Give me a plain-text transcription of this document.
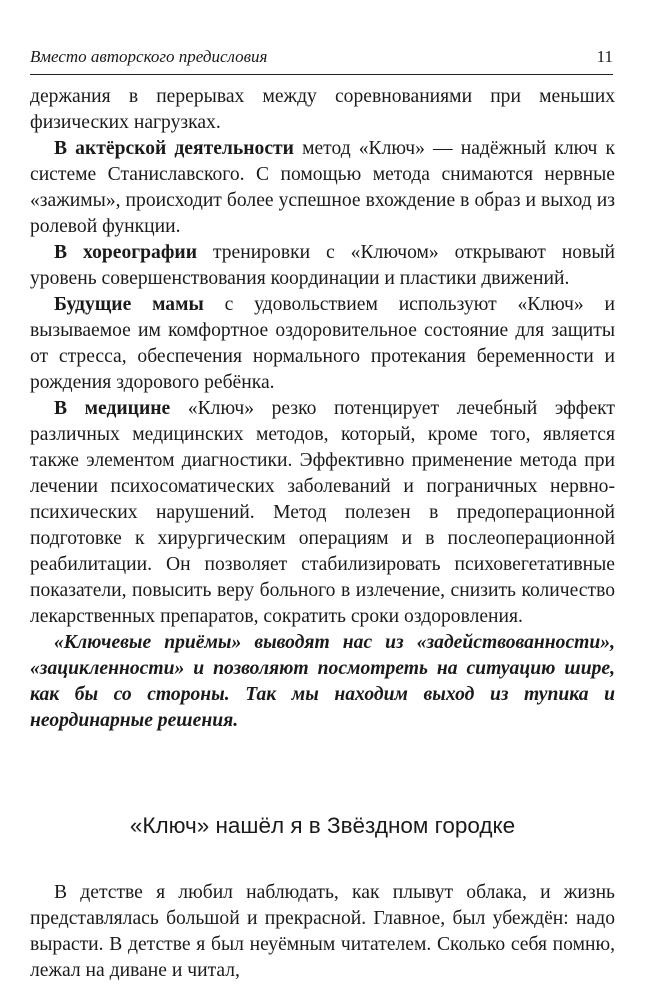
Вместо авторского предисловия	11

держания в перерывах между соревнованиями при меньших физических нагрузках.

В актёрской деятельности метод «Ключ» — надёжный ключ к системе Станиславского. С помощью метода снимаются нервные «зажимы», происходит более успешное вхождение в образ и выход из ролевой функции.

В хореографии тренировки с «Ключом» открывают новый уровень совершенствования координации и пластики движений.

Будущие мамы с удовольствием используют «Ключ» и вызываемое им комфортное оздоровительное состояние для защиты от стресса, обеспечения нормального протекания беременности и рождения здорового ребёнка.

В медицине «Ключ» резко потенцирует лечебный эффект различных медицинских методов, который, кроме того, является также элементом диагностики. Эффективно применение метода при лечении психосоматических заболеваний и пограничных нервно-психических нарушений. Метод полезен в предоперационной подготовке к хирургическим операциям и в послеоперационной реабилитации. Он позволяет стабилизировать психовегетативные показатели, повысить веру больного в излечение, снизить количество лекарственных препаратов, сократить сроки оздоровления.

«Ключевые приёмы» выводят нас из «задействованности», «зацикленности» и позволяют посмотреть на ситуацию шире, как бы со стороны. Так мы находим выход из тупика и неординарные решения.

«Ключ» нашёл я в Звёздном городке

В детстве я любил наблюдать, как плывут облака, и жизнь представлялась большой и прекрасной. Главное, был убеждён: надо вырасти. В детстве я был неуёмным читателем. Сколько себя помню, лежал на диване и читал,
